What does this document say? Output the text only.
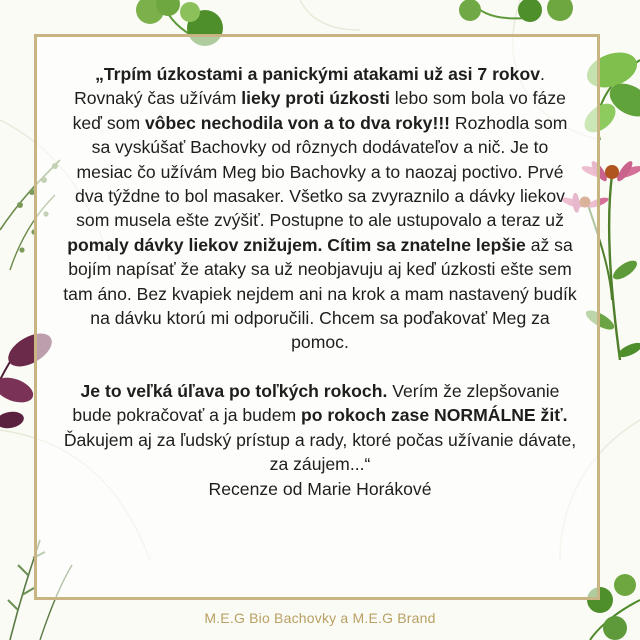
„Trpím úzkostami a panickými atakami už asi 7 rokov. Rovnaký čas užívám lieky proti úzkosti lebo som bola vo fáze keď som vôbec nechodila von a to dva roky!!! Rozhodla som sa vyskúšať Bachovky od rôznych dodávateľov a nič. Je to mesiac čo užívám Meg bio Bachovky a to naozaj poctivo. Prvé dva týždne to bol masaker. Všetko sa zvyraznilo a dávky liekov som musela ešte zvýšiť. Postupne to ale ustupovalo a teraz už pomaly dávky liekov znižujem. Cítim sa znatelne lepšie až sa bojím napísať že ataky sa už neobjavuju aj keď úzkosti ešte sem tam áno. Bez kvapiek nejdem ani na krok a mam nastavený budík na dávku ktorú mi odporučili. Chcem sa poďakovať Meg za pomoc.

Je to veľká úľava po toľkých rokoch. Verím že zlepšovanie bude pokračovať a ja budem po rokoch zase NORMÁLNE žiť. Ďakujem aj za ľudský prístup a rady, ktoré počas užívanie dávate, za záujem...“
Recenze od Marie Horákové

M.E.G Bio Bachovky a M.E.G Brand
